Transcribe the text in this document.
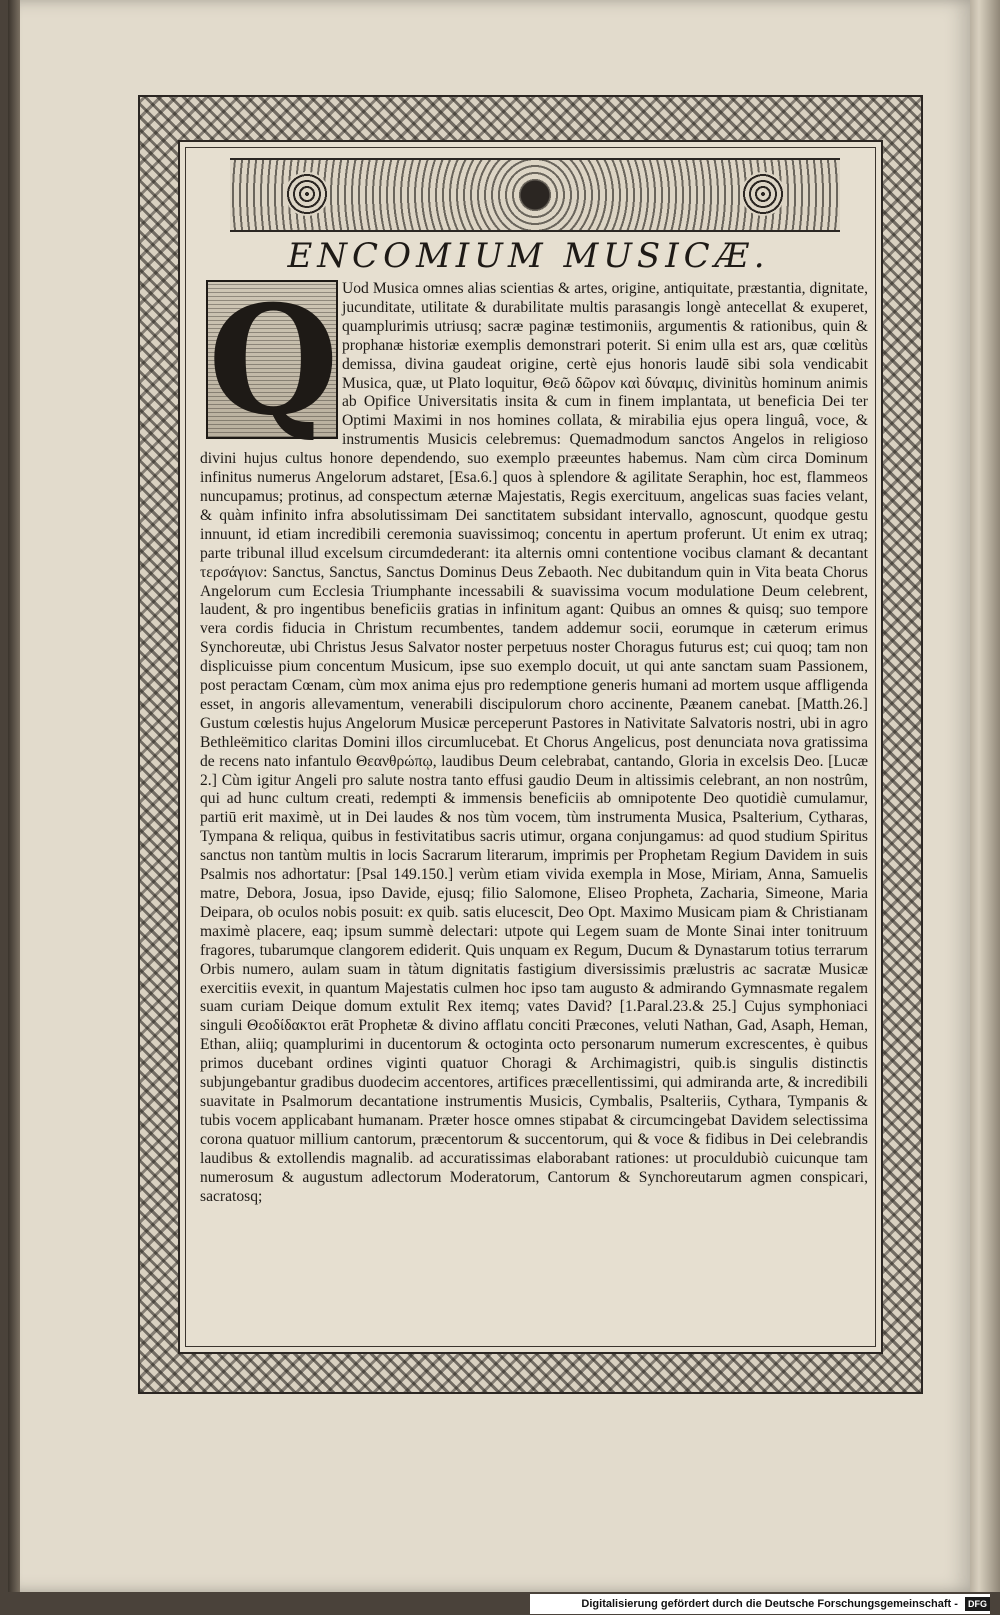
ENCOMIUM MUSICÆ.
Uod Musica omnes alias scientias & artes, origine, antiquitate, præstantia, dignitate, jucunditate, utilitate & durabilitate multis parasangis longè antecellat & exuperet, quamplurimis utriusq; sacræ paginæ testimoniis, argumentis & rationibus, quin & prophanæ historiæ exemplis demonstrari poterit. Si enim ulla est ars, quæ cœlitùs demissa, divina gaudeat origine, certè ejus honoris laudē sibi sola vendicabit Musica, quæ, ut Plato loquitur, Θεῶ δῶρον καὶ δύναμις, divinitùs hominum animis ab Opifice Universitatis insita & cum in finem implantata, ut beneficia Dei ter Optimi Maximi in nos homines collata, & mirabilia ejus opera linguâ, voce, & instrumentis Musicis celebremus: Quemadmodum sanctos Angelos in religioso divini hujus cultus honore dependendo, suo exemplo præeuntes habemus. Nam cùm circa Dominum infinitus numerus Angelorum adstaret, [Esa.6.] quos à splendore & agilitate Seraphin, hoc est, flammeos nuncupamus; protinus, ad conspectum æternæ Majestatis, Regis exercituum, angelicas suas facies velant, & quàm infinito infra absolutissimam Dei sanctitatem subsidant intervallo, agnoscunt, quodque gestu innuunt, id etiam incredibili ceremonia suavissimoq; concentu in apertum proferunt. Ut enim ex utraq; parte tribunal illud excelsum circumdederant: ita alternis omni contentione vocibus clamant & decantant τερσάγιον: Sanctus, Sanctus, Sanctus Dominus Deus Zebaoth. Nec dubitandum quin in Vita beata Chorus Angelorum cum Ecclesia Triumphante incessabili & suavissima vocum modulatione Deum celebrent, laudent, & pro ingentibus beneficiis gratias in infinitum agant: Quibus an omnes & quisq; suo tempore vera cordis fiducia in Christum recumbentes, tandem addemur socii, eorumque in cæterum erimus Synchoreutæ, ubi Christus Jesus Salvator noster perpetuus noster Choragus futurus est; cui quoq; tam non displicuisse pium concentum Musicum, ipse suo exemplo docuit, ut qui ante sanctam suam Passionem, post peractam Cœnam, cùm mox anima ejus pro redemptione generis humani ad mortem usque affligenda esset, in angoris allevamentum, venerabili discipulorum choro accinente, Pæanem canebat. [Matth.26.] Gustum cœlestis hujus Angelorum Musicæ perceperunt Pastores in Nativitate Salvatoris nostri, ubi in agro Bethleëmitico claritas Domini illos circumlucebat. Et Chorus Angelicus, post denunciata nova gratissima de recens nato infantulo Θεανθρώπῳ, laudibus Deum celebrabat, cantando, Gloria in excelsis Deo. [Lucæ 2.] Cùm igitur Angeli pro salute nostra tanto effusi gaudio Deum in altissimis celebrant, an non nostrûm, qui ad hunc cultum creati, redempti & immensis beneficiis ab omnipotente Deo quotidiè cumulamur, partiū erit maximè, ut in Dei laudes & nos tùm vocem, tùm instrumenta Musica, Psalterium, Cytharas, Tympana & reliqua, quibus in festivitatibus sacris utimur, organa conjungamus: ad quod studium Spiritus sanctus non tantùm multis in locis Sacrarum literarum, imprimis per Prophetam Regium Davidem in suis Psalmis nos adhortatur: [Psal 149.150.] verùm etiam vivida exempla in Mose, Miriam, Anna, Samuelis matre, Debora, Josua, ipso Davide, ejusq; filio Salomone, Eliseo Propheta, Zacharia, Simeone, Maria Deipara, ob oculos nobis posuit: ex quib. satis elucescit, Deo Opt. Maximo Musicam piam & Christianam maximè placere, eaq; ipsum summè delectari: utpote qui Legem suam de Monte Sinai inter tonitruum fragores, tubarumque clangorem ediderit. Quis unquam ex Regum, Ducum & Dynastarum totius terrarum Orbis numero, aulam suam in tàtum dignitatis fastigium diversissimis prælustris ac sacratæ Musicæ exercitiis evexit, in quantum Majestatis culmen hoc ipso tam augusto & admirando Gymnasmate regalem suam curiam Deique domum extulit Rex itemq; vates David? [1.Paral.23.& 25.] Cujus symphoniaci singuli Θεοδίδακτοι erāt Prophetæ & divino afflatu conciti Præcones, veluti Nathan, Gad, Asaph, Heman, Ethan, aliiq; quamplurimi in ducentorum & octoginta octo personarum numerum excrescentes, è quibus primos ducebant ordines viginti quatuor Choragi & Archimagistri, quib.is singulis distinctis subjungebantur gradibus duodecim accentores, artifices præcellentissimi, qui admiranda arte, & incredibili suavitate in Psalmorum decantatione instrumentis Musicis, Cymbalis, Psalteriis, Cythara, Tympanis & tubis vocem applicabant humanam. Præter hosce omnes stipabat & circumcingebat Davidem selectissima corona quatuor millium cantorum, præcentorum & succentorum, qui & voce & fidibus in Dei celebrandis laudibus & extollendis magnalib. ad accuratissimas elaborabant rationes: ut proculdubiò cuicunque tam numerosum & augustum adlectorum Moderatorum, Cantorum & Synchoreutarum agmen conspicari, sacratosq;
Q
Digitalisierung gefördert durch die Deutsche Forschungsgemeinschaft - DFG
